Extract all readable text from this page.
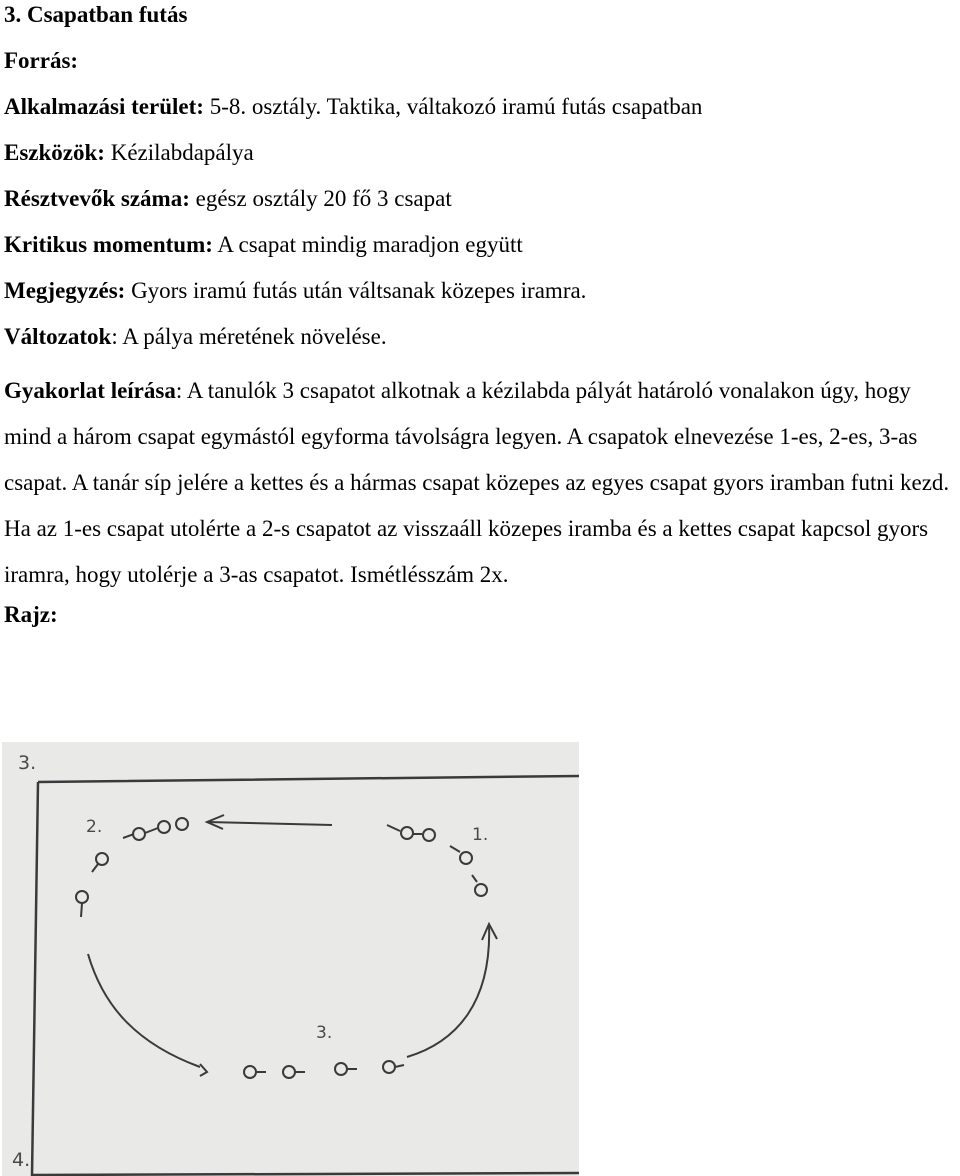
3. Csapatban futás
Forrás:
Alkalmazási terület: 5-8. osztály. Taktika, váltakozó iramú futás csapatban
Eszközök: Kézilabdapálya
Résztvevők száma: egész osztály 20 fő 3 csapat
Kritikus momentum: A csapat mindig maradjon együtt
Megjegyzés: Gyors iramú futás után váltsanak közepes iramra.
Változatok: A pálya méretének növelése.
Gyakorlat leírása: A tanulók 3 csapatot alkotnak a kézilabda pályát határoló vonalakon úgy, hogy mind a három csapat egymástól egyforma távolságra legyen. A csapatok elnevezése 1-es, 2-es, 3-as csapat. A tanár síp jelére a kettes és a hármas csapat közepes az egyes csapat gyors iramban futni kezd. Ha az 1-es csapat utolérte a 2-s csapatot az visszaáll közepes iramba és a kettes csapat kapcsol gyors iramra, hogy utolérje a 3-as csapatot. Ismétlésszám 2x.
Rajz:
3.
4.
2.	1.
3.
